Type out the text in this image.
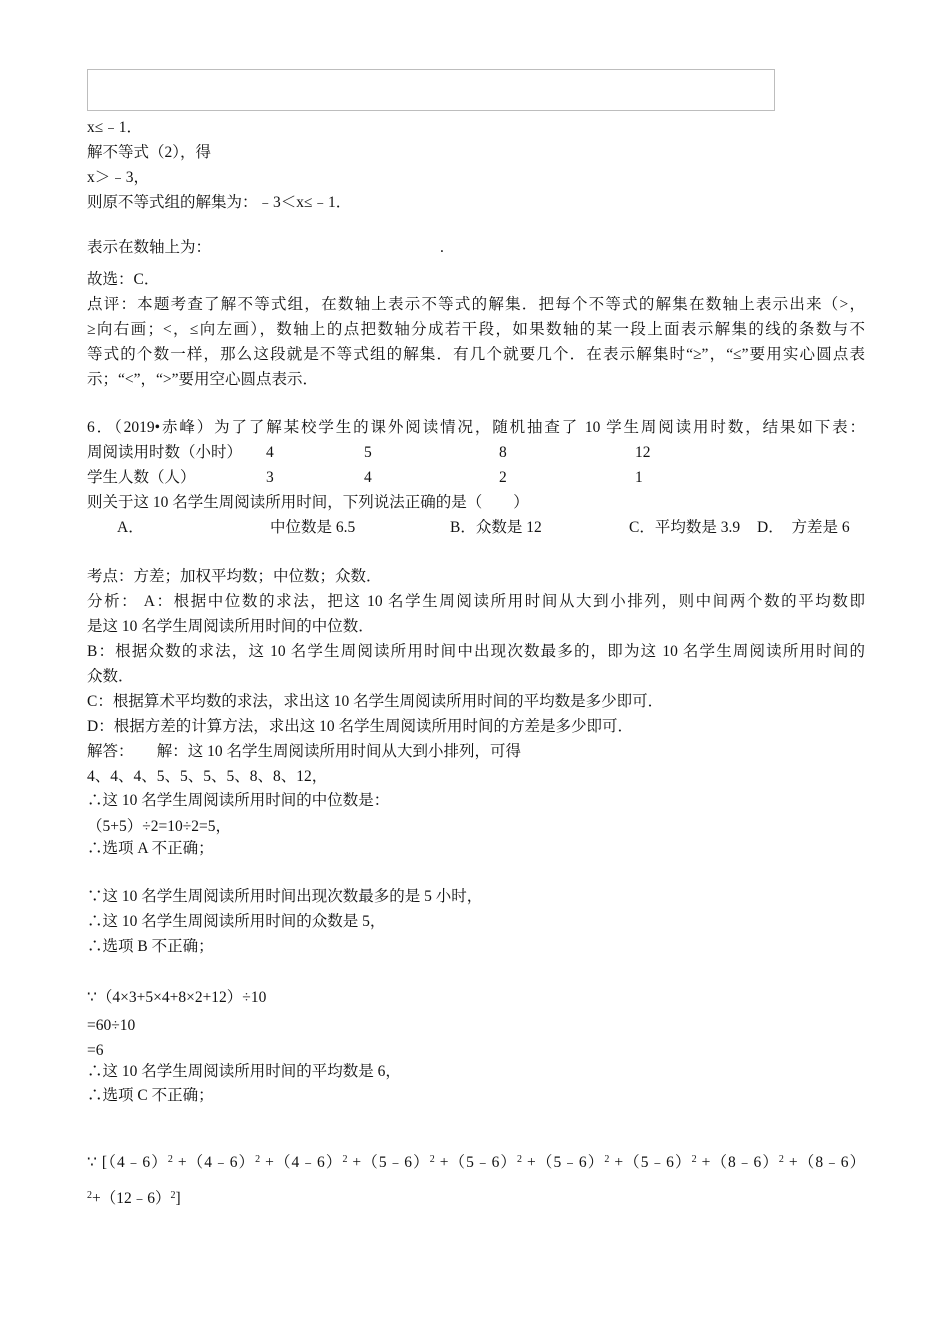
x≤﹣1．
解不等式（2），得
x＞﹣3，
则原不等式组的解集为：﹣3＜x≤﹣1．
表示在数轴上为：	.
故选：C．
点评：本题考查了解不等式组，在数轴上表示不等式的解集．把每个不等式的解集在数轴上表示出来（>，
≥向右画；<，≤向左画），数轴上的点把数轴分成若干段，如果数轴的某一段上面表示解集的线的条数与不
等式的个数一样，那么这段就是不等式组的解集．有几个就要几个．在表示解集时“≥”，“≤”要用实心圆点表
示；“<”，“>”要用空心圆点表示．
6．（2019•赤峰）为了了解某校学生的课外阅读情况，随机抽查了 10 学生周阅读用时数，结果如下表：
周阅读用时数（小时） 4	5	8	12
学生人数（人）	3	4	2	1
则关于这 10 名学生周阅读所用时间，下列说法正确的是（　　）
A．	中位数是 6.5	B．众数是 12	C．平均数是 3.9 D．  方差是 6
考点：方差；加权平均数；中位数；众数．
分析： A：根据中位数的求法，把这 10 名学生周阅读所用时间从大到小排列，则中间两个数的平均数即
是这 10 名学生周阅读所用时间的中位数．
B：根据众数的求法，这 10 名学生周阅读所用时间中出现次数最多的，即为这 10 名学生周阅读所用时间的
众数．
C：根据算术平均数的求法，求出这 10 名学生周阅读所用时间的平均数是多少即可．
D：根据方差的计算方法，求出这 10 名学生周阅读所用时间的方差是多少即可．
解答：      解：这 10 名学生周阅读所用时间从大到小排列，可得
4、4、4、5、5、5、5、8、8、12，
∴这 10 名学生周阅读所用时间的中位数是：
（5+5）÷2=10÷2=5，
∴选项 A 不正确；
∵这 10 名学生周阅读所用时间出现次数最多的是 5 小时，
∴这 10 名学生周阅读所用时间的众数是 5，
∴选项 B 不正确；
∵（4×3+5×4+8×2+12）÷10
=60÷10
=6
∴这 10 名学生周阅读所用时间的平均数是 6，
∴选项 C 不正确；
∵ [（4﹣6）$^2$ +（4﹣6）$^2$ +（4﹣6）$^2$ +（5﹣6）$^2$ +（5﹣6）$^2$ +（5﹣6）$^2$ +（5﹣6）$^2$ +（8﹣6）$^2$ +（8﹣6）
$^2$+（12﹣6）$^2$]
